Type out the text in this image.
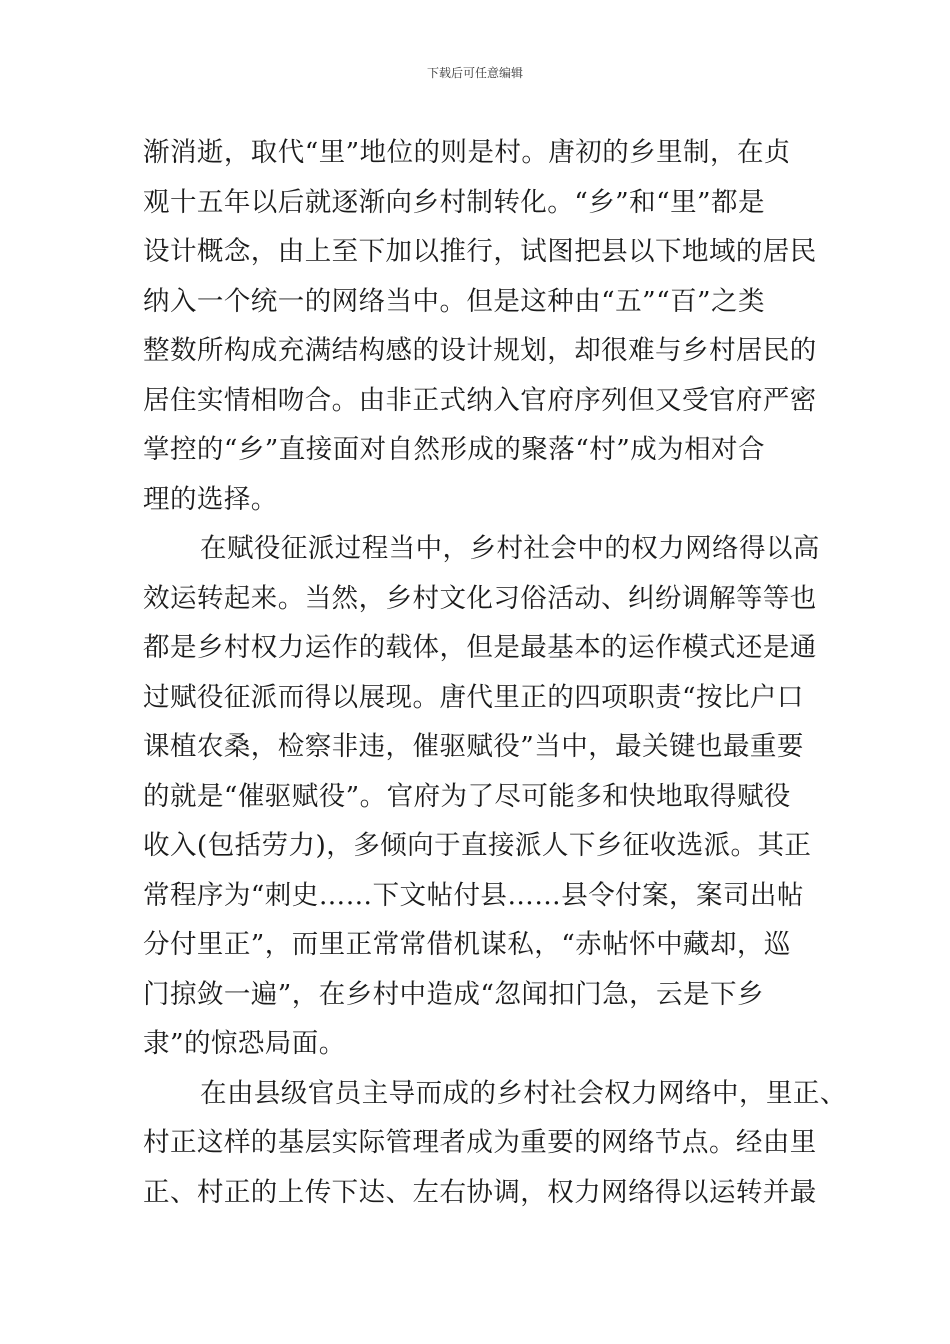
下载后可任意编辑
渐消逝，取代“里”地位的则是村。唐初的乡里制，在贞
观十五年以后就逐渐向乡村制转化。“乡”和“里”都是
设计概念，由上至下加以推行，试图把县以下地域的居民
纳入一个统一的网络当中。但是这种由“五”“百”之类
整数所构成充满结构感的设计规划，却很难与乡村居民的
居住实情相吻合。由非正式纳入官府序列但又受官府严密
掌控的“乡”直接面对自然形成的聚落“村”成为相对合
理的选择。
在赋役征派过程当中，乡村社会中的权力网络得以高
效运转起来。当然，乡村文化习俗活动、纠纷调解等等也
都是乡村权力运作的载体，但是最基本的运作模式还是通
过赋役征派而得以展现。唐代里正的四项职责“按比户口
课植农桑，检察非违，催驱赋役”当中，最关键也最重要
的就是“催驱赋役”。官府为了尽可能多和快地取得赋役
收入(包括劳力)，多倾向于直接派人下乡征收选派。其正
常程序为“刺史……下文帖付县……县令付案，案司出帖
分付里正”，而里正常常借机谋私，“赤帖怀中藏却，巡
门掠敛一遍”，在乡村中造成“忽闻扣门急，云是下乡
隶”的惊恐局面。
在由县级官员主导而成的乡村社会权力网络中，里正、
村正这样的基层实际管理者成为重要的网络节点。经由里
正、村正的上传下达、左右协调，权力网络得以运转并最
